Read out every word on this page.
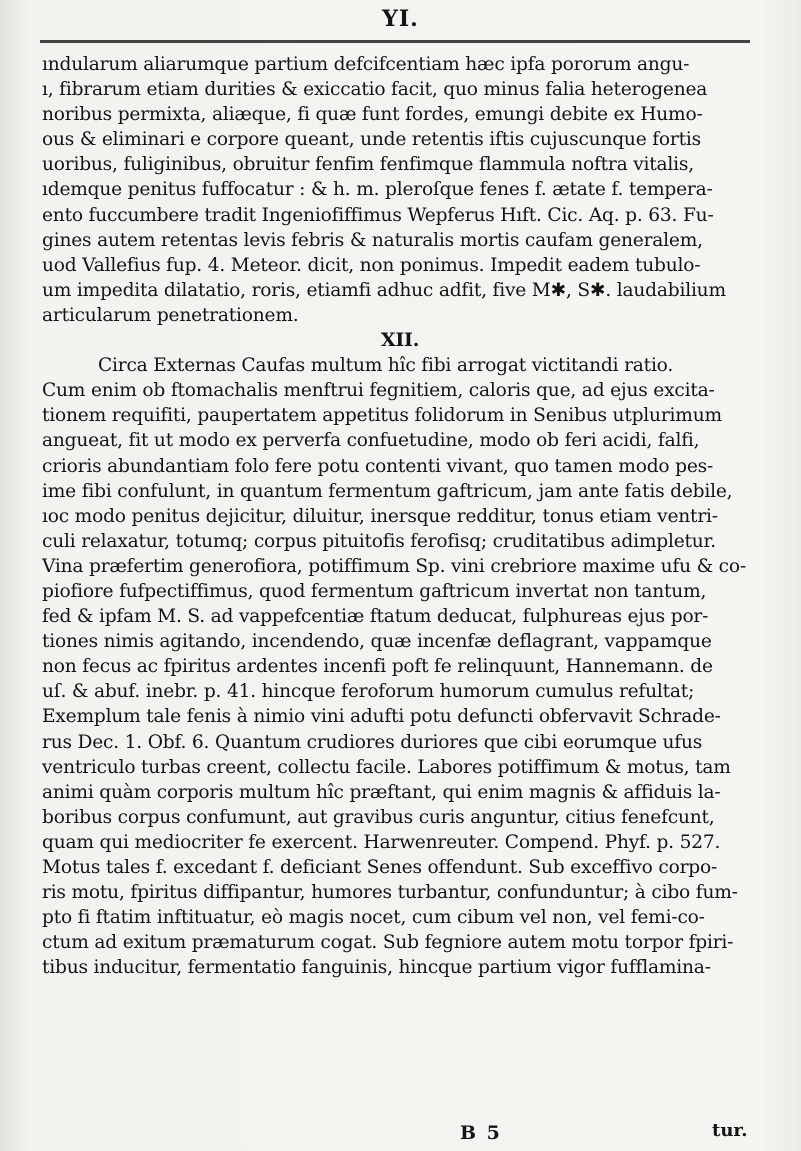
ΥΙ.
ındularum aliarumque partium defcifcentiam hæc ipfa pororum angu-
ı, fibrarum etiam durities & exiccatio facit, quo minus falia heterogenea
noribus permixta, aliæque, fi quæ funt fordes, emungi debite ex Humo-
ous & eliminari e corpore queant, unde retentis iftis cujuscunque fortis
uoribus, fuliginibus, obruitur fenfim fenfimque flammula noftra vitalis,
ıdemque penitus fuffocatur : & h. m. pleroſque fenes f. ætate f. tempera-
ento fuccumbere tradit Ingeniofiffimus Wepferus Hıft. Cic. Aq. p. 63. Fu-
gines autem retentas levis febris & naturalis mortis caufam generalem,
uod Vallefius fup. 4. Meteor. dicit, non ponimus. Impedit eadem tubulo-
um impedita dilatatio, roris, etiamfi adhuc adfit, five M✱, S✱. laudabilium
articularum penetrationem.
XII.
Circa Externas Caufas multum hîc fibi arrogat victitandi ratio.
Cum enim ob ftomachalis menftrui fegnitiem, caloris que, ad ejus excita-
tionem requifiti, paupertatem appetitus folidorum in Senibus utplurimum
angueat, fit ut modo ex perverfa confuetudine, modo ob feri acidi, falfi,
crioris abundantiam folo fere potu contenti vivant, quo tamen modo pes-
ime fibi confulunt, in quantum fermentum gaftricum, jam ante fatis debile,
ıoc modo penitus dejicitur, diluitur, inersque redditur, tonus etiam ventri-
culi relaxatur, totumq; corpus pituitofis ferofisq; cruditatibus adimpletur.
Vina præfertim generofiora, potiffimum Sp. vini crebriore maxime ufu & co-
piofiore fufpectiffimus, quod fermentum gaftricum invertat non tantum,
fed & ipfam M. S. ad vappefcentiæ ftatum deducat, fulphureas ejus por-
tiones nimis agitando, incendendo, quæ incenfæ deflagrant, vappamque
non fecus ac fpiritus ardentes incenfi poft fe relinquunt, Hannemann. de
uſ. & abuf. inebr. p. 41. hincque feroforum humorum cumulus refultat;
Exemplum tale fenis à nimio vini adufti potu defuncti obfervavit Schrade-
rus Dec. 1. Obf. 6. Quantum crudiores duriores que cibi eorumque ufus
ventriculo turbas creent, collectu facile. Labores potiffimum & motus, tam
animi quàm corporis multum hîc præftant, qui enim magnis & affiduis la-
boribus corpus confumunt, aut gravibus curis anguntur, citius fenefcunt,
quam qui mediocriter fe exercent. Harwenreuter. Compend. Phyf. p. 527.
Motus tales f. excedant f. deficiant Senes offendunt. Sub exceffivo corpo-
ris motu, fpiritus diffipantur, humores turbantur, confunduntur; à cibo fum-
pto fi ftatim inftituatur, eò magis nocet, cum cibum vel non, vel femi-co-
ctum ad exitum præmaturum cogat. Sub fegniore autem motu torpor fpiri-
tibus inducitur, fermentatio fanguinis, hincque partium vigor fufflamina-
B 5	tur.
